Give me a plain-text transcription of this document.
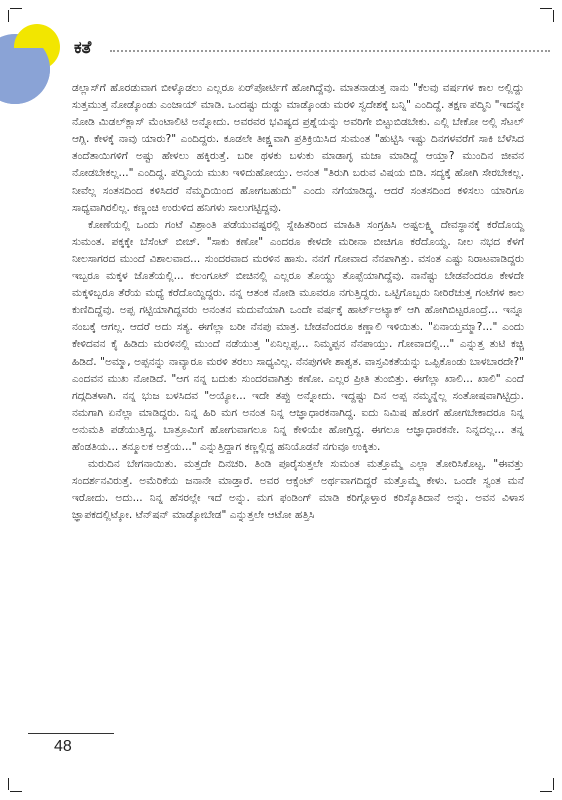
ಕತೆ

ಡಲ್ಲಾಸ್‌ಗೆ ಹೊರಡುವಾಗ ಬೀಳ್ಕೊಡಲು ಎಲ್ಲರೂ ಏರ್‌ಪೋರ್ಟಿಗೆ ಹೋಗಿದ್ದೆವು. ಮಾತನಾಡುತ್ತ ನಾನು "ಕೆಲವು ವರ್ಷಗಳ ಕಾಲ ಅಲ್ಲಿದ್ದು ಸುತ್ತಮುತ್ತ ನೋಡ್ಕೊಂಡು ಎಂಜಾಯ್ ಮಾಡಿ. ಒಂದಷ್ಟು ದುಡ್ಡು ಮಾಡ್ಕೊಂಡು ಮರಳಿ ಸ್ವದೇಶಕ್ಕೆ ಬನ್ನಿ" ಎಂದಿದ್ದೆ. ತಕ್ಷಣ ಪದ್ಮಿನಿ "ಇದನ್ನೇ ನೋಡಿ ಮಿಡಲ್‌ಕ್ಲಾಸ್ ಮೆಂಟಾಲಿಟಿ ಅನ್ನೋದು. ಅವರವರ ಭವಿಷ್ಯದ ಪ್ರಶ್ನೆಯನ್ನು ಅವರಿಗೇ ಬಿಟ್ಟುಬಿಡಬೇಕು. ಎಲ್ಲಿ ಬೇಕೋ ಅಲ್ಲಿ ಸೆಟಲ್ ಆಗ್ಲಿ. ಕೇಳಕ್ಕೆ ನಾವು ಯಾರು?" ಎಂದಿದ್ದರು. ಕೂಡಲೇ ತೀಕ್ಷ್ಣವಾಗಿ ಪ್ರತಿಕ್ರಿಯಿಸಿದ ಸುಮಂತ "ಹುಟ್ಟಿಸಿ ಇಷ್ಟು ದಿನಗಳವರೆಗೆ ಸಾಕಿ ಬೆಳೆಸಿದ ತಂದೆತಾಯಿಗಳಿಗೆ ಅಷ್ಟು ಹೇಳಲು ಹಕ್ಕಿರುತ್ತೆ. ಬರೀ ಥಳಕು ಬಳುಕು ಮಾಡಾಗ್ಳ ಮಜಾ ಮಾಡಿದ್ದೆ ಆಯ್ತಾ? ಮುಂದಿನ ಜೀವನ ನೋಡಬೇಕಲ್ಲ..." ಎಂದಿದ್ದ. ಪದ್ಮಿನಿಯ ಮುಖ ಇಳಿದುಹೋಯ್ತು. ಅನಂತ "ತಿರುಗಿ ಬರುವ ವಿಷಯ ಬಿಡಿ. ಸದ್ಯಕ್ಕೆ ಹೋಗಿ ಸೇರಬೇಕಲ್ಲ. ನೀವೆಲ್ಲ ಸಂತಸದಿಂದ ಕಳಿಸಿದರೆ ನೆಮ್ಮದಿಯಿಂದ ಹೋಗಬಹುದು" ಎಂದು ನಗೆಯಾಡಿದ್ದ. ಆದರೆ ಸಂತಸದಿಂದ ಕಳಿಸಲು ಯಾರಿಗೂ ಸಾಧ್ಯವಾಗಿರಲಿಲ್ಲ. ಕಣ್ಣಂಚಿ ಉರುಳಿದ ಹನಿಗಳು ಸಾಲುಗಟ್ಟಿದ್ದವು.

ಕೋಣೆಯಲ್ಲಿ ಒಂದು ಗಂಟೆ ವಿಶ್ರಾಂತಿ ಪಡೆಯುವಷ್ಟರಲ್ಲಿ ಸ್ನೇಹಿತರಿಂದ ಮಾಹಿತಿ ಸಂಗ್ರಹಿಸಿ ಅಷ್ಟಲಕ್ಷ್ಮಿ ದೇವಸ್ಥಾನಕ್ಕೆ ಕರೆದೊಯ್ದ ಸುಮಂತ. ಪಕ್ಕಕ್ಕೇ ಬೆಸೆಂಟ್ ಬೀಚ್. "ಸಾಕು ಕಣೋ" ಎಂದರೂ ಕೇಳದೇ ಮರೀನಾ ಬೀಚಿಗೂ ಕರೆದೊಯ್ದ. ನೀಲ ನಭದ ಕೆಳಗೆ ನೀಲಸಾಗರದ ಮುಂದೆ ವಿಶಾಲವಾದ... ಸುಂದರವಾದ ಮರಳಿನ ಹಾಸು. ನನಗೆ ಗೋವಾದ ನೆನಪಾಗಿತ್ತು. ವಸಂತ ಎಷ್ಟು ನಿರಾಟವಾಡಿದ್ದರು ಇಬ್ಬರೂ ಮಕ್ಕಳ ಜೊತೆಯಲ್ಲಿ... ಕಲಂಗೂಟ್ ಬೀಚಿನಲ್ಲಿ ಎಲ್ಲರೂ ತೊಯ್ದು ತೊಪ್ಪೆಯಾಗಿದ್ದೆವು. ನಾನೆಷ್ಟು ಬೇಡವೆಂದರೂ ಕೇಳದೇ ಮಕ್ಕಳಿಬ್ಬರೂ ತೆರೆಯ ಮಧ್ಯೆ ಕರೆದೊಯ್ದಿದ್ದರು. ನನ್ನ ಆತಂಕ ನೋಡಿ ಮೂವರೂ ನಗುತ್ತಿದ್ದರು. ಒಟ್ಟಿಗೊಬ್ಬರು ನೀರಿರೆಚುತ್ತ ಗಂಟೆಗಳ ಕಾಲ ಕುಣಿದಿದ್ದೆವು. ಅಪ್ಪ ಗಟ್ಟಿಯಾಗಿದ್ದವರು ಅನಂತನ ಮದುವೆಯಾಗಿ ಒಂದೇ ವರ್ಷಕ್ಕೆ ಹಾರ್ಟ್‌ಅಟ್ಯಾಕ್ ಆಗಿ ಹೋಗಿಬಿಟ್ಟರೂಂದ್ರೆ... ಇನ್ನೂ ನಂಬಕ್ಕೆ ಆಗಲ್ಲ. ಆದರೆ ಅದು ಸತ್ಯ. ಈಗೆಲ್ಲಾ ಬರೀ ನೆನಪು ಮಾತ್ರ. ಬೇಡವೆಂದರೂ ಕಣ್ಣಾಲಿ ಇಳಿಯಿತು. "ಏನಾಯ್ತಮ್ಮಾ?..." ಎಂದು ಕೇಳಿದವನ ಕೈ ಹಿಡಿದು ಮರಳಿನಲ್ಲಿ ಮುಂದೆ ನಡೆಯುತ್ತ "ಏನಿಲ್ಲಪ್ಪ... ನಿಮ್ಮಪ್ಪನ ನೆನಪಾಯ್ತು. ಗೋವಾದಲ್ಲಿ..." ಎನ್ನುತ್ತ ತುಟಿ ಕಚ್ಚಿ ಹಿಡಿದೆ. "ಅಮ್ಮಾ, ಅಪ್ಪನನ್ನು ನಾವ್ಯಾರೂ ಮರಳಿ ತರಲು ಸಾಧ್ಯವಿಲ್ಲ. ನೆನಪುಗಳೇ ಶಾಶ್ವತ. ವಾಸ್ತವಿಕತೆಯನ್ನು ಒಪ್ಪಿಕೊಂಡು ಬಾಳಬಾರದೇ?" ಎಂದವನ ಮುಖ ನೋಡಿದೆ. "ಆಗ ನನ್ನ ಬದುಕು ಸುಂದರವಾಗಿತ್ತು ಕಣೋ. ಎಲ್ಲರ ಪ್ರೀತಿ ತುಂಬಿತ್ತು. ಈಗೆಲ್ಲಾ ಖಾಲಿ... ಖಾಲಿ" ಎಂದೆ ಗದ್ಗದಿತಳಾಗಿ. ನನ್ನ ಭುಜ ಬಳಸಿದವ "ಅಯ್ಯೋ... ಇದೇ ತಪ್ಪು ಅನ್ನೋದು. ಇದ್ದಷ್ಟು ದಿನ ಅಪ್ಪ ನಮ್ಮನ್ನೆಲ್ಲ ಸಂತೋಷವಾಗಿಟ್ಟಿದ್ರು. ನಮಗಾಗಿ ಏನೆಲ್ಲಾ ಮಾಡಿದ್ದರು. ನಿನ್ನ ಹಿರಿ ಮಗ ಅನಂತ ನಿನ್ನ ಆಜ್ಞಾಧಾರಕನಾಗಿದ್ದ. ಐದು ನಿಮಿಷ ಹೊರಗೆ ಹೋಗಬೇಕಾದರೂ ನಿನ್ನ ಅನುಮತಿ ಪಡೆಯುತ್ತಿದ್ದ. ಬಾತ್ರೂಮಿಗೆ ಹೋಗುವಾಗಲೂ ನಿನ್ನ ಕೇಳಿಯೇ ಹೋಗ್ತಿದ್ದ. ಈಗಲೂ ಆಜ್ಞಾಧಾರಕನೇ. ನಿನ್ನದಲ್ಲ... ತನ್ನ ಹೆಂಡತಿಯ... ತನ್ಮೂಲಕ ಅತ್ತೆಯ..." ಎನ್ನುತ್ತಿದ್ದಾಗ ಕಣ್ಣಲ್ಲಿದ್ದ ಹನಿಯೊಡನೆ ನಗುವೂ ಉಕ್ಕಿತು.

ಮರುದಿನ ಬೇಗನಾಯಿತು. ಮತ್ತದೇ ದಿನಚರಿ. ತಿಂಡಿ ಪೂರೈಸುತ್ತಲೇ ಸುಮಂತ ಮತ್ತೊಮ್ಮೆ ಎಲ್ಲಾ ತೋರಿಸಿಕೊಟ್ಟ. "ಈವತ್ತು ಸಂದರ್ಶನವಿರುತ್ತೆ. ಅಮೆರಿಕೆಯ ಜನಾನೇ ಮಾಡ್ತಾರೆ. ಅವರ ಆಕ್ಸೆಂಟ್ ಅರ್ಥವಾಗದಿದ್ದರೆ ಮತ್ತೊಮ್ಮೆ ಕೇಳು. ಒಂದೇ ಸ್ವಂತ ಮನೆ ಇರೋದು. ಅದು... ನಿನ್ನ ಹೆಸರಲ್ಲೇ ಇದೆ ಅನ್ನು. ಮಗ ಫಂಡಿಂಗ್ ಮಾಡಿ ಕರಿಗ್ಗೊಳ್ತಾರ ಕರಿಸ್ಕೊತಿದಾನೆ ಅನ್ನು. ಅವನ ವಿಳಾಸ ಜ್ಞಾಪಕದಲ್ಲಿಟ್ಕೋ. ಟೆನ್‌ಷನ್ ಮಾಡ್ಕೋಬೇಡ" ಎನ್ನುತ್ತಲೇ ಆಟೋ ಹತ್ತಿಸಿ

48
